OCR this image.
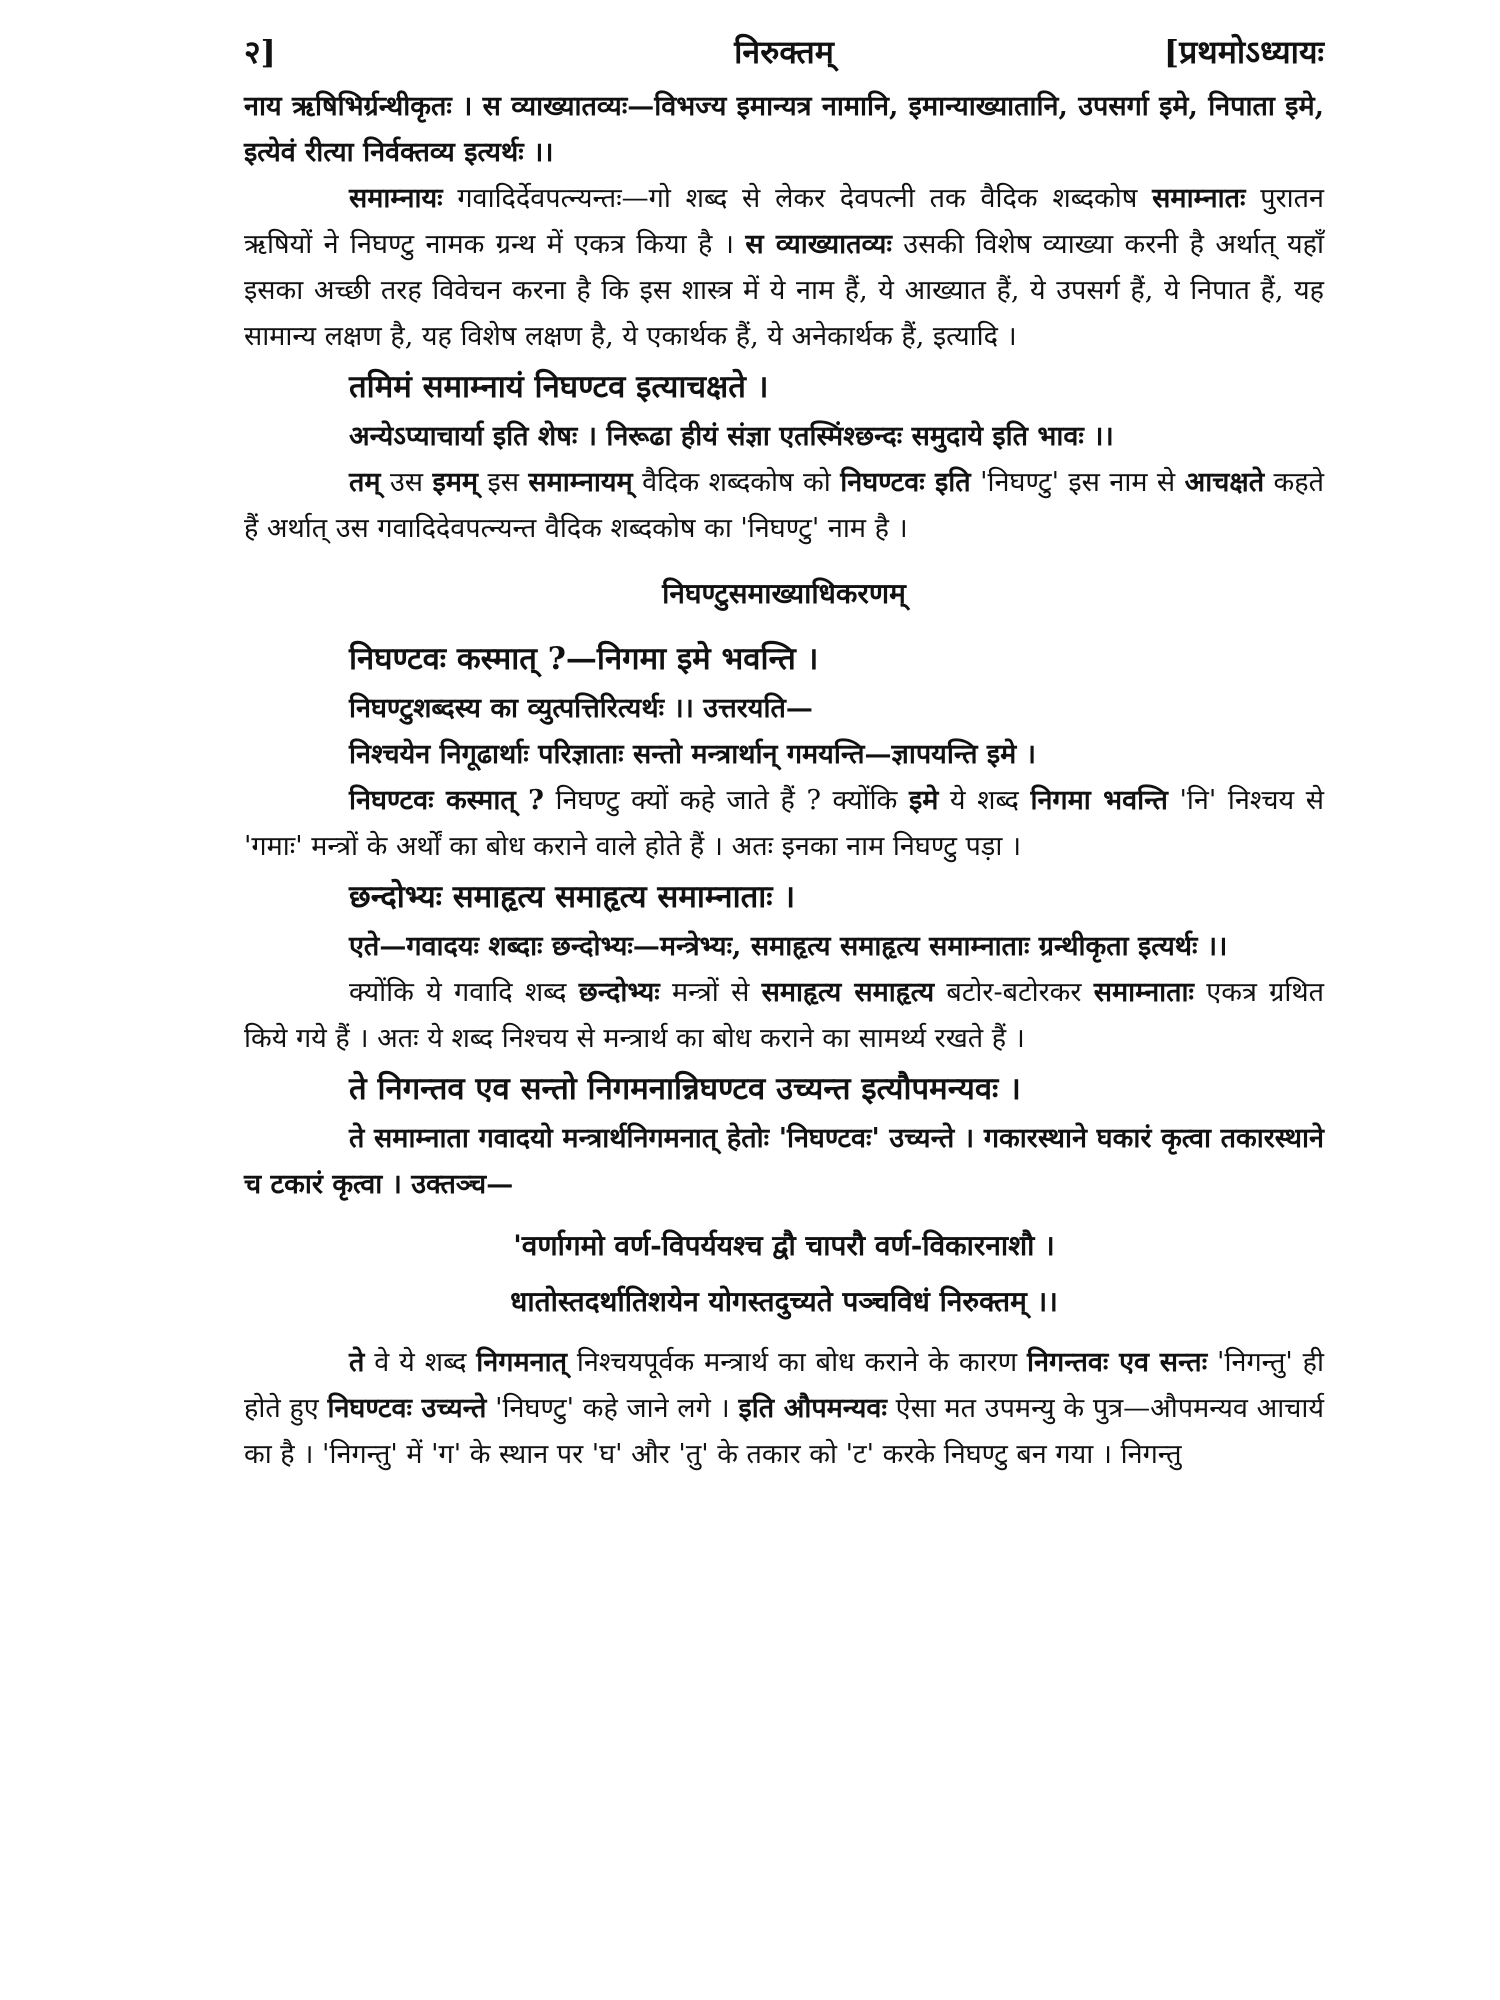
२]	निरुक्तम्	[प्रथमोऽध्यायः

नाय ऋषिभिर्ग्रन्थीकृतः । स व्याख्यातव्यः—विभज्य इमान्यत्र नामानि, इमान्याख्यातानि, उपसर्गा इमे, निपाता इमे, इत्येवं रीत्या निर्वक्तव्य इत्यर्थः ।।

समाम्नायः गवादिर्देवपत्न्यन्तः—गो शब्द से लेकर देवपत्नी तक वैदिक शब्दकोष समाम्नातः पुरातन ऋषियों ने निघण्टु नामक ग्रन्थ में एकत्र किया है । स व्याख्यातव्यः उसकी विशेष व्याख्या करनी है अर्थात् यहाँ इसका अच्छी तरह विवेचन करना है कि इस शास्त्र में ये नाम हैं, ये आख्यात हैं, ये उपसर्ग हैं, ये निपात हैं, यह सामान्य लक्षण है, यह विशेष लक्षण है, ये एकार्थक हैं, ये अनेकार्थक हैं, इत्यादि ।

तमिमं समाम्नायं निघण्टव इत्याचक्षते ।

अन्येऽप्याचार्या इति शेषः । निरूढा हीयं संज्ञा एतस्मिंश्छन्दः समुदाये इति भावः ।।

तम् उस इमम् इस समाम्नायम् वैदिक शब्दकोष को निघण्टवः इति 'निघण्टु' इस नाम से आचक्षते कहते हैं अर्थात् उस गवादिदेवपत्न्यन्त वैदिक शब्दकोष का 'निघण्टु' नाम है ।

निघण्टुसमाख्याधिकरणम्

निघण्टवः कस्मात् ?—निगमा इमे भवन्ति ।

निघण्टुशब्दस्य का व्युत्पत्तिरित्यर्थः ।। उत्तरयति—

निश्चयेन निगूढार्थाः परिज्ञाताः सन्तो मन्त्रार्थान् गमयन्ति—ज्ञापयन्ति इमे ।

निघण्टवः कस्मात् ? निघण्टु क्यों कहे जाते हैं ? क्योंकि इमे ये शब्द निगमा भवन्ति 'नि' निश्चय से 'गमाः' मन्त्रों के अर्थों का बोध कराने वाले होते हैं । अतः इनका नाम निघण्टु पड़ा ।

छन्दोभ्यः समाहृत्य समाहृत्य समाम्नाताः ।

एते—गवादयः शब्दाः छन्दोभ्यः—मन्त्रेभ्यः, समाहृत्य समाहृत्य समाम्नाताः ग्रन्थीकृता इत्यर्थः ।।

क्योंकि ये गवादि शब्द छन्दोभ्यः मन्त्रों से समाहृत्य समाहृत्य बटोर-बटोरकर समाम्नाताः एकत्र ग्रथित किये गये हैं । अतः ये शब्द निश्चय से मन्त्रार्थ का बोध कराने का सामर्थ्य रखते हैं ।

ते निगन्तव एव सन्तो निगमनान्निघण्टव उच्यन्त इत्यौपमन्यवः ।

ते समाम्नाता गवादयो मन्त्रार्थनिगमनात् हेतोः 'निघण्टवः' उच्यन्ते । गकारस्थाने घकारं कृत्वा तकारस्थाने च टकारं कृत्वा । उक्तञ्च—

'वर्णागमो वर्ण-विपर्ययश्च द्वौ चापरौ वर्ण-विकारनाशौ ।

धातोस्तदर्थातिशयेन योगस्तदुच्यते पञ्चविधं निरुक्तम् ।।

ते वे ये शब्द निगमनात् निश्चयपूर्वक मन्त्रार्थ का बोध कराने के कारण निगन्तवः एव सन्तः 'निगन्तु' ही होते हुए निघण्टवः उच्यन्ते 'निघण्टु' कहे जाने लगे । इति औपमन्यवः ऐसा मत उपमन्यु के पुत्र—औपमन्यव आचार्य का है । 'निगन्तु' में 'ग' के स्थान पर 'घ' और 'तु' के तकार को 'ट' करके निघण्टु बन गया । निगन्तु
